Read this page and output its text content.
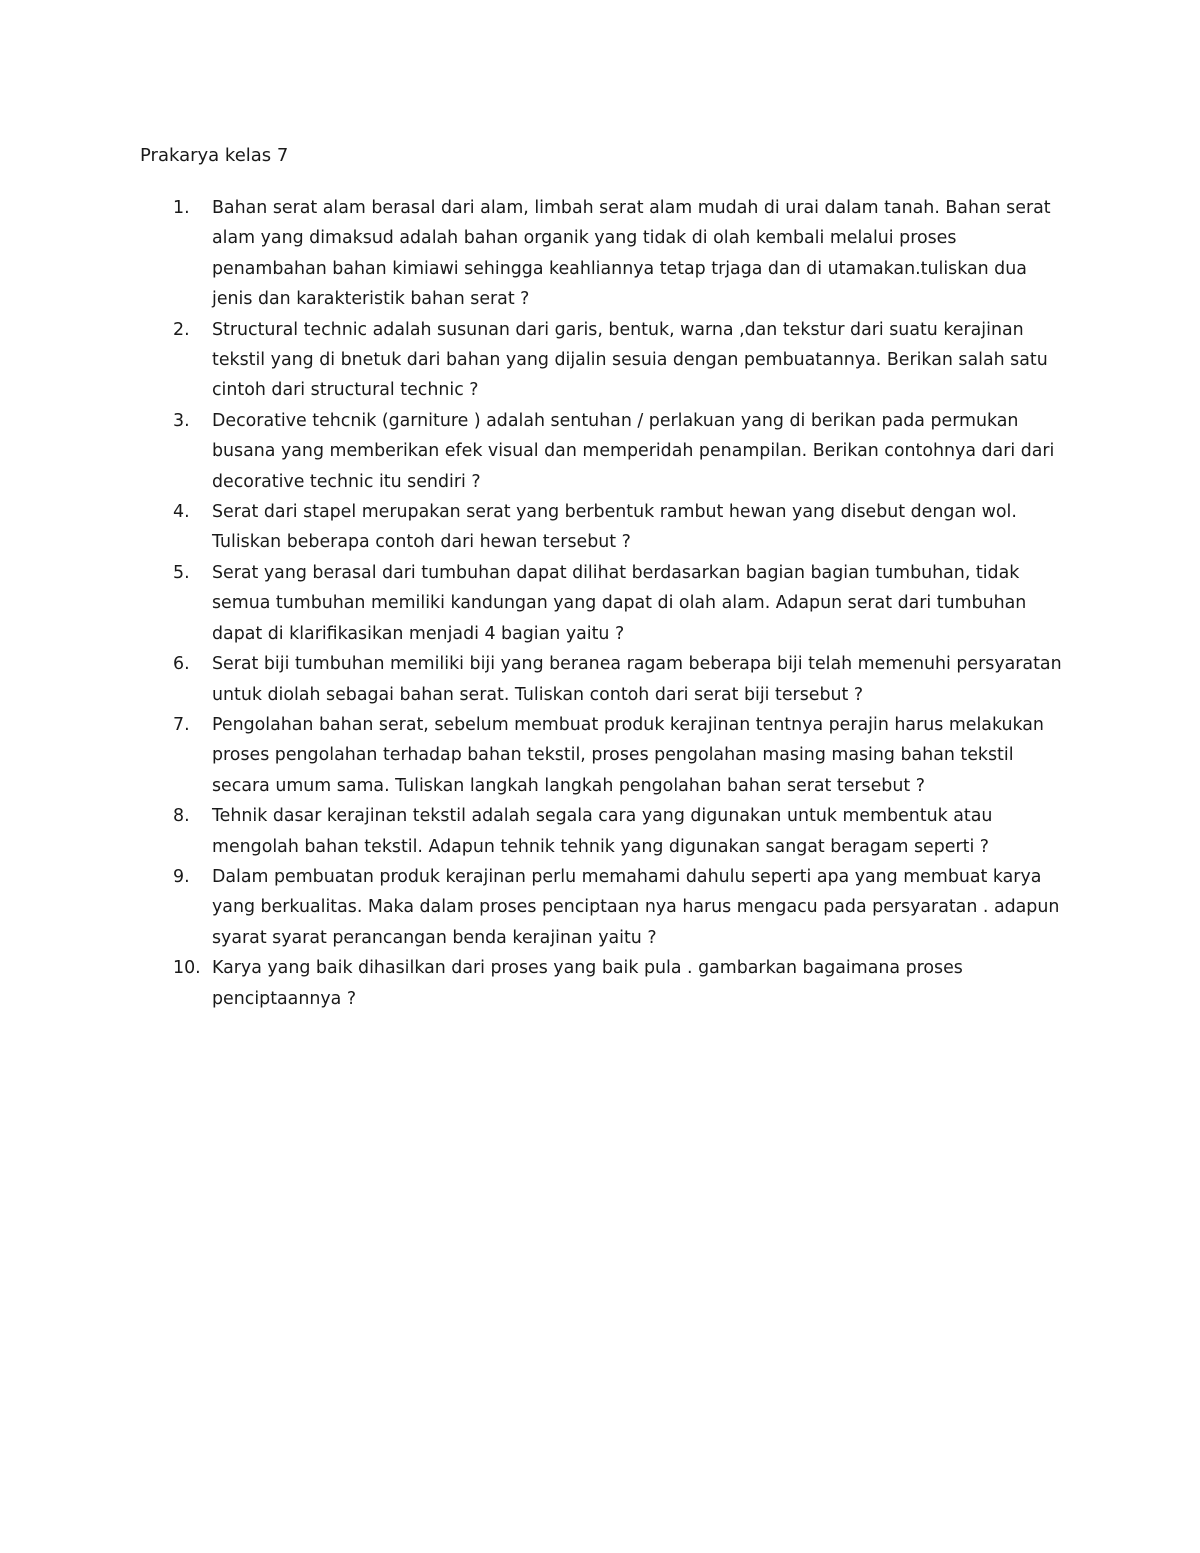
Prakarya kelas 7
1. Bahan serat alam berasal dari alam, limbah serat alam mudah di urai dalam tanah. Bahan serat alam yang dimaksud adalah bahan organik yang tidak di olah kembali melalui proses penambahan bahan kimiawi sehingga keahliannya tetap trjaga dan di utamakan.tuliskan dua jenis dan karakteristik bahan serat ?
2. Structural technic adalah susunan dari garis, bentuk, warna ,dan tekstur dari suatu kerajinan tekstil yang di bnetuk dari bahan yang dijalin sesuia dengan pembuatannya. Berikan salah satu cintoh dari structural technic ?
3. Decorative tehcnik (garniture ) adalah sentuhan / perlakuan yang di berikan pada permukan busana yang memberikan efek visual dan memperidah penampilan. Berikan contohnya dari dari decorative technic itu sendiri ?
4. Serat dari stapel merupakan serat yang berbentuk rambut hewan yang disebut dengan wol. Tuliskan beberapa contoh dari hewan tersebut ?
5. Serat yang berasal dari tumbuhan dapat dilihat berdasarkan bagian bagian tumbuhan, tidak semua tumbuhan memiliki kandungan yang dapat di olah alam. Adapun serat dari tumbuhan dapat di klarifikasikan menjadi 4 bagian yaitu ?
6. Serat biji tumbuhan memiliki biji yang beranea ragam beberapa biji telah memenuhi persyaratan untuk diolah sebagai bahan serat. Tuliskan contoh dari serat biji tersebut ?
7. Pengolahan bahan serat, sebelum membuat produk kerajinan tentnya perajin harus melakukan proses pengolahan terhadap bahan tekstil, proses pengolahan masing masing bahan tekstil secara umum sama. Tuliskan langkah langkah pengolahan bahan serat tersebut ?
8. Tehnik dasar kerajinan tekstil adalah segala cara yang digunakan untuk membentuk atau mengolah bahan tekstil. Adapun tehnik tehnik yang digunakan sangat beragam seperti ?
9. Dalam pembuatan produk kerajinan perlu memahami dahulu seperti apa yang membuat karya yang berkualitas. Maka dalam proses penciptaan nya harus mengacu pada persyaratan . adapun syarat syarat perancangan benda kerajinan yaitu ?
10. Karya yang baik dihasilkan dari proses yang baik pula . gambarkan bagaimana proses penciptaannya ?
